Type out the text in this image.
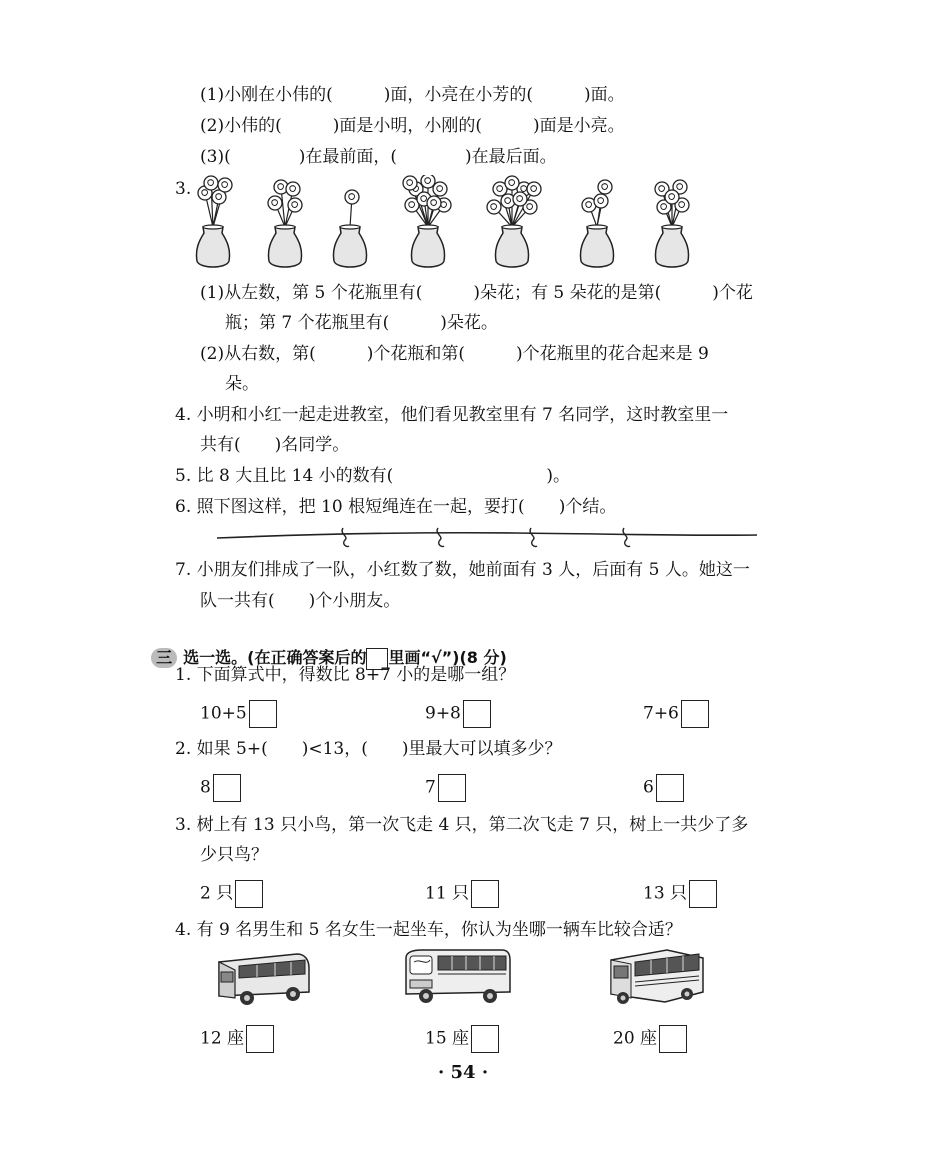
(1)小刚在小伟的(　　　)面，小亮在小芳的(　　　)面。
(2)小伟的(　　　)面是小明，小刚的(　　　)面是小亮。
(3)(　　　　)在最前面，(　　　　)在最后面。
3.
(1)从左数，第 5 个花瓶里有(　　　)朵花；有 5 朵花的是第(　　　)个花
瓶；第 7 个花瓶里有(　　　)朵花。
(2)从右数，第(　　　)个花瓶和第(　　　)个花瓶里的花合起来是 9
朵。
4. 小明和小红一起走进教室，他们看见教室里有 7 名同学，这时教室里一
共有(　　)名同学。
5. 比 8 大且比 14 小的数有(　　　　　　　　　)。
6. 照下图这样，把 10 根短绳连在一起，要打(　　)个结。
7. 小朋友们排成了一队，小红数了数，她前面有 3 人，后面有 5 人。她这一
队一共有(　　)个小朋友。

三 选一选。(在正确答案后的 里画“√”)(8 分)

1. 下面算式中，得数比 8+7 小的是哪一组？
10+5	9+8	7+6
2. 如果 5+(　　)<13，(　　)里最大可以填多少？
8	7	6
3. 树上有 13 只小鸟，第一次飞走 4 只，第二次飞走 7 只，树上一共少了多
少只鸟？
2 只	11 只	13 只
4. 有 9 名男生和 5 名女生一起坐车，你认为坐哪一辆车比较合适？
12 座	15 座	20 座
· 54 ·
